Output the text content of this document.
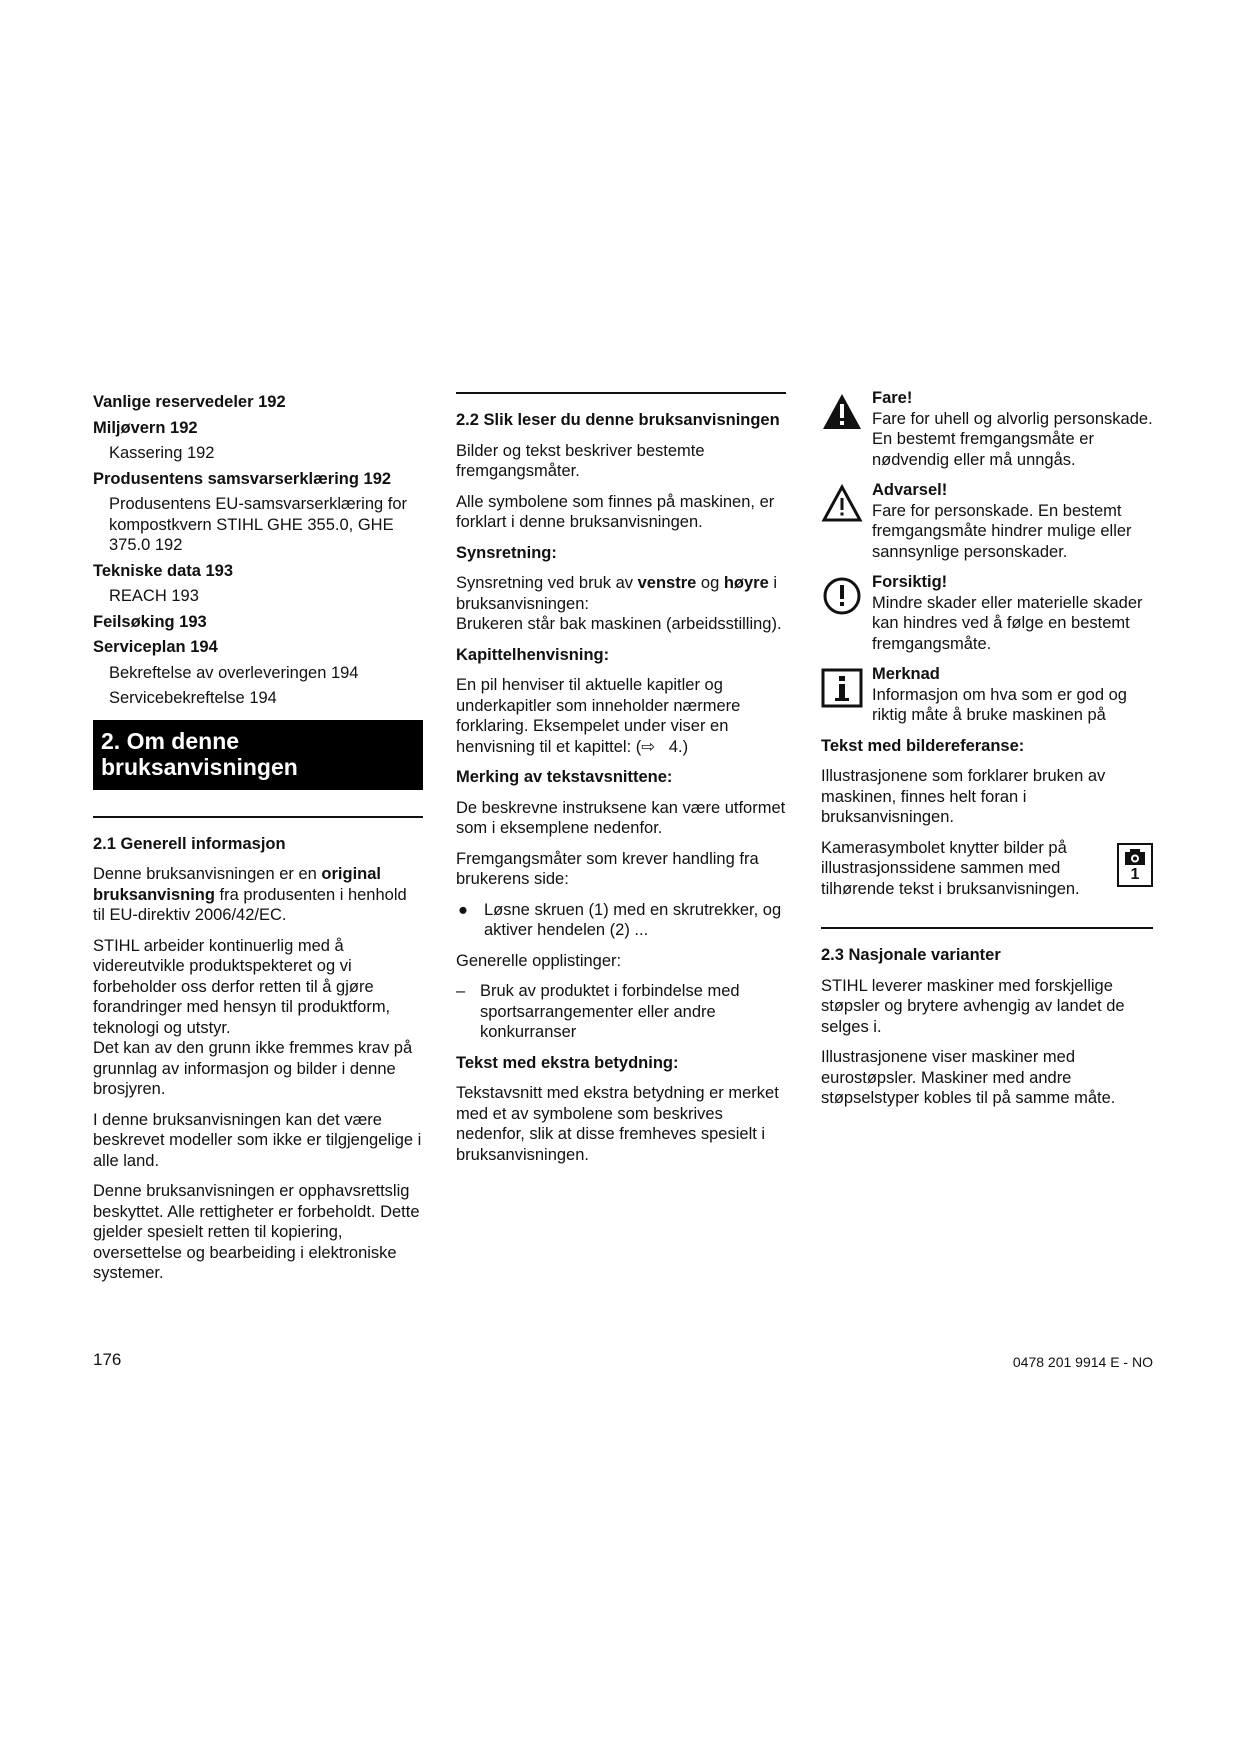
Vanlige reservedeler 192
Miljøvern 192
Kassering 192
Produsentens samsvarserklæring 192
Produsentens EU-samsvarserklæring for kompostkvern STIHL GHE 355.0, GHE 375.0 192
Tekniske data 193
REACH 193
Feilsøking 193
Serviceplan 194
Bekreftelse av overleveringen 194
Servicebekreftelse 194
2. Om denne bruksanvisningen
2.1 Generell informasjon

Denne bruksanvisningen er en original bruksanvisning fra produsenten i henhold til EU-direktiv 2006/42/EC.

STIHL arbeider kontinuerlig med å videreutvikle produktspekteret og vi forbeholder oss derfor retten til å gjøre forandringer med hensyn til produktform, teknologi og utstyr.
Det kan av den grunn ikke fremmes krav på grunnlag av informasjon og bilder i denne brosjyren.

I denne bruksanvisningen kan det være beskrevet modeller som ikke er tilgjengelige i alle land.

Denne bruksanvisningen er opphavsrettslig beskyttet. Alle rettigheter er forbeholdt. Dette gjelder spesielt retten til kopiering, oversettelse og bearbeiding i elektroniske systemer.

2.2 Slik leser du denne bruksanvisningen

Bilder og tekst beskriver bestemte fremgangsmåter.

Alle symbolene som finnes på maskinen, er forklart i denne bruksanvisningen.

Synsretning:

Synsretning ved bruk av venstre og høyre i bruksanvisningen:
Brukeren står bak maskinen (arbeidsstilling).

Kapittelhenvisning:

En pil henviser til aktuelle kapitler og underkapitler som inneholder nærmere forklaring. Eksempelet under viser en henvisning til et kapittel: (⇨   4.)

Merking av tekstavsnittene:

De beskrevne instruksene kan være utformet som i eksemplene nedenfor.

Fremgangsmåter som krever handling fra brukerens side:

● Løsne skruen (1) med en skrutrekker, og aktiver hendelen (2) ...

Generelle opplistinger:

– Bruk av produktet i forbindelse med sportsarrangementer eller andre konkurranser
Tekst med ekstra betydning:

Tekstavsnitt med ekstra betydning er merket med et av symbolene som beskrives nedenfor, slik at disse fremheves spesielt i bruksanvisningen.

Fare!
Fare for uhell og alvorlig personskade. En bestemt fremgangsmåte er nødvendig eller må unngås.
Advarsel!
Fare for personskade. En bestemt fremgangsmåte hindrer mulige eller sannsynlige personskader.
Forsiktig!
Mindre skader eller materielle skader kan hindres ved å følge en bestemt fremgangsmåte.
Merknad
Informasjon om hva som er god og riktig måte å bruke maskinen på
Tekst med bildereferanse:

Illustrasjonene som forklarer bruken av maskinen, finnes helt foran i bruksanvisningen.

Kamerasymbolet knytter bilder på illustrasjonssidene sammen med tilhørende tekst i bruksanvisningen.
1
2.3 Nasjonale varianter

STIHL leverer maskiner med forskjellige støpsler og brytere avhengig av landet de selges i.

Illustrasjonene viser maskiner med eurostøpsler. Maskiner med andre støpselstyper kobles til på samme måte.

176	0478 201 9914 E - NO
